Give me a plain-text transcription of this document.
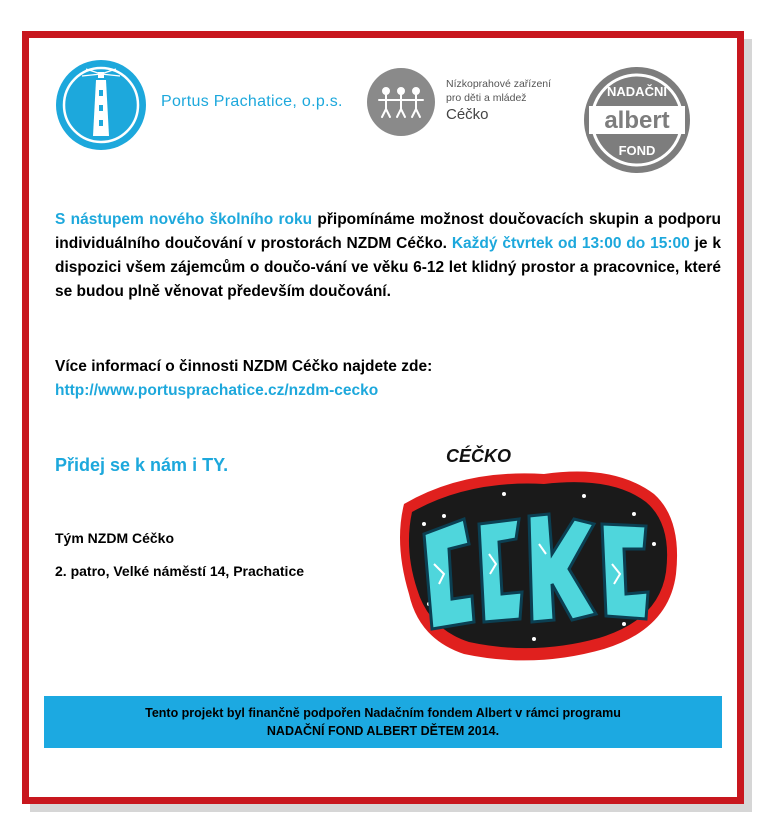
Portus Prachatice, o.p.s.
Nízkoprahové zařízení
pro děti a mládež
Céčko	albert
NADAČNÍ
FOND
S nástupem nového školního roku připomínáme možnost doučovacích skupin a podporu individuálního doučování v prostorách NZDM Céčko. Každý čtvrtek od 13:00 do 15:00 je k dispozici všem zájemcům o doučo-vání ve věku 6-12 let klidný prostor a pracovnice, které se budou plně věnovat především doučování.
Více informací o činnosti NZDM Céčko najdete zde:
http://www.portusprachatice.cz/nzdm-cecko
Přidej se k nám i TY.
Tým NZDM Céčko
2. patro, Velké náměstí 14, Prachatice
CÉČKO
Tento projekt byl finančně podpořen Nadačním fondem Albert v rámci programu
NADAČNÍ FOND ALBERT DĚTEM 2014.
